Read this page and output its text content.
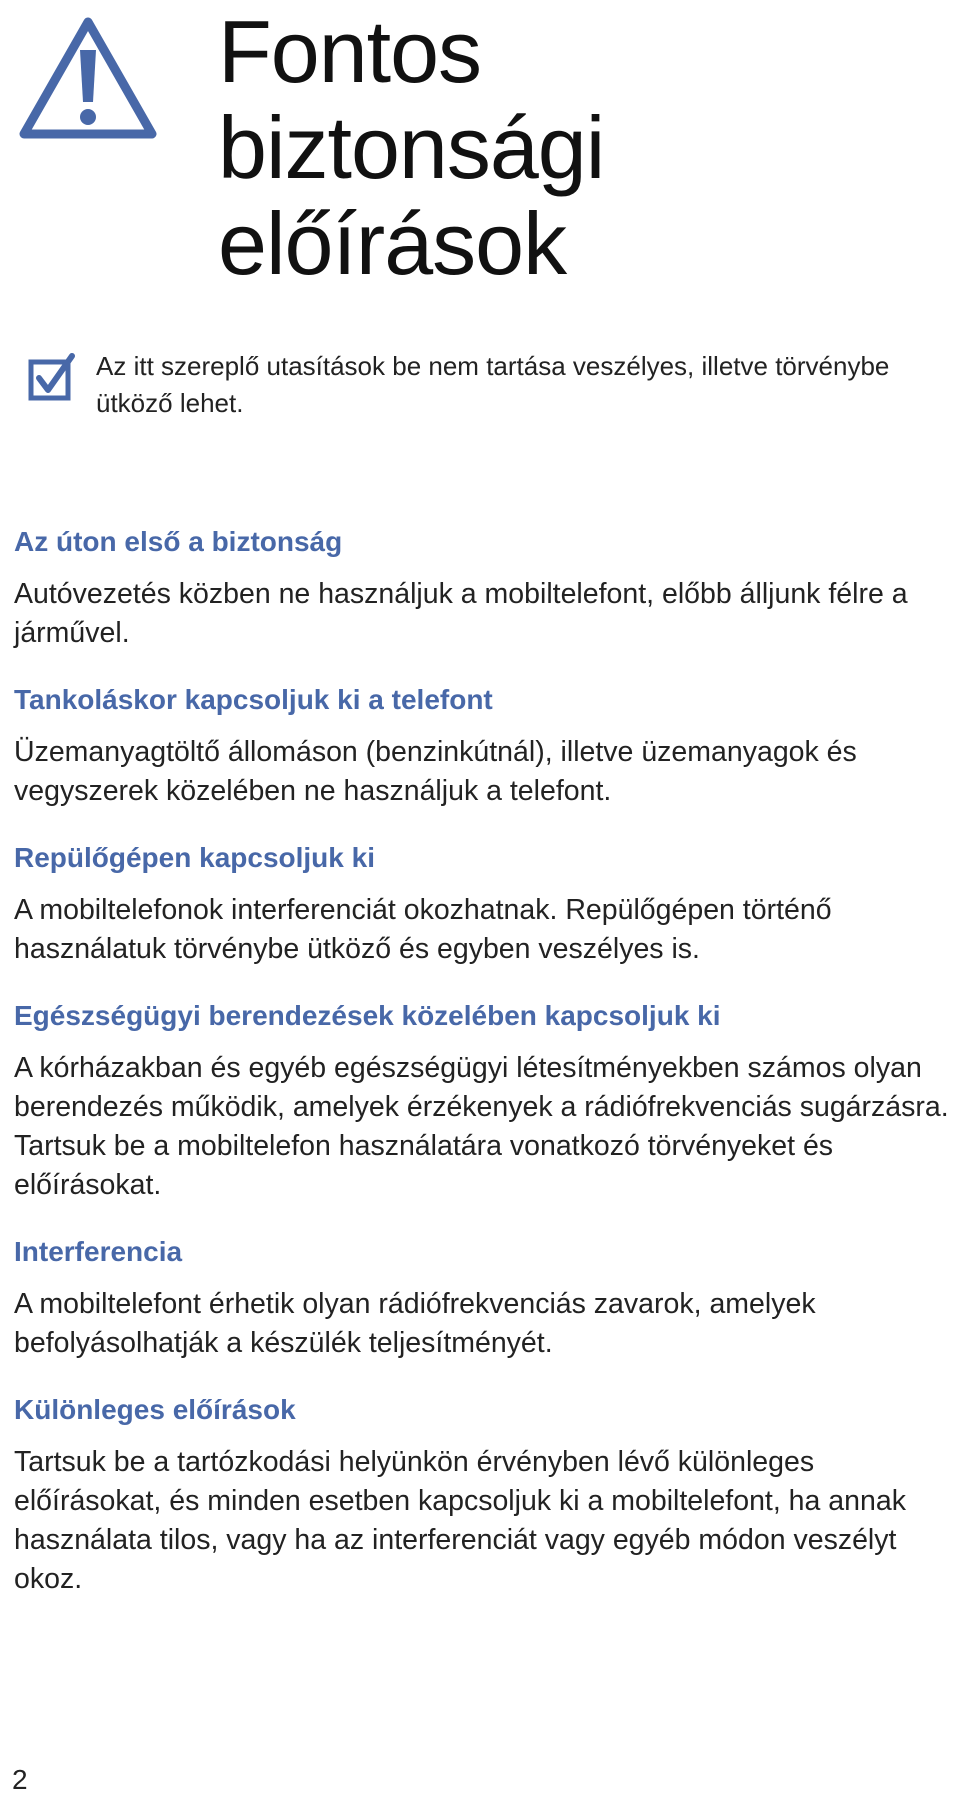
Fontos
biztonsági
előírások
Az itt szereplő utasítások be nem tartása veszélyes, illetve törvénybe ütköző lehet.
Az úton első a biztonság

Autóvezetés közben ne használjuk a mobiltelefont, előbb álljunk félre a járművel.

Tankoláskor kapcsoljuk ki a telefont

Üzemanyagtöltő állomáson (benzinkútnál), illetve üzemanyagok és vegyszerek közelében ne használjuk a telefont.

Repülőgépen kapcsoljuk ki

A mobiltelefonok interferenciát okozhatnak. Repülőgépen történő használatuk törvénybe ütköző és egyben veszélyes is.

Egészségügyi berendezések közelében kapcsoljuk ki

A kórházakban és egyéb egészségügyi létesítményekben számos olyan berendezés működik, amelyek érzékenyek a rádiófrekvenciás sugárzásra. Tartsuk be a mobiltelefon használatára vonatkozó törvényeket és előírásokat.

Interferencia

A mobiltelefont érhetik olyan rádiófrekvenciás zavarok, amelyek befolyásolhatják a készülék teljesítményét.

Különleges előírások

Tartsuk be a tartózkodási helyünkön érvényben lévő különleges előírásokat, és minden esetben kapcsoljuk ki a mobiltelefont, ha annak használata tilos, vagy ha az interferenciát vagy egyéb módon veszélyt okoz.

2
